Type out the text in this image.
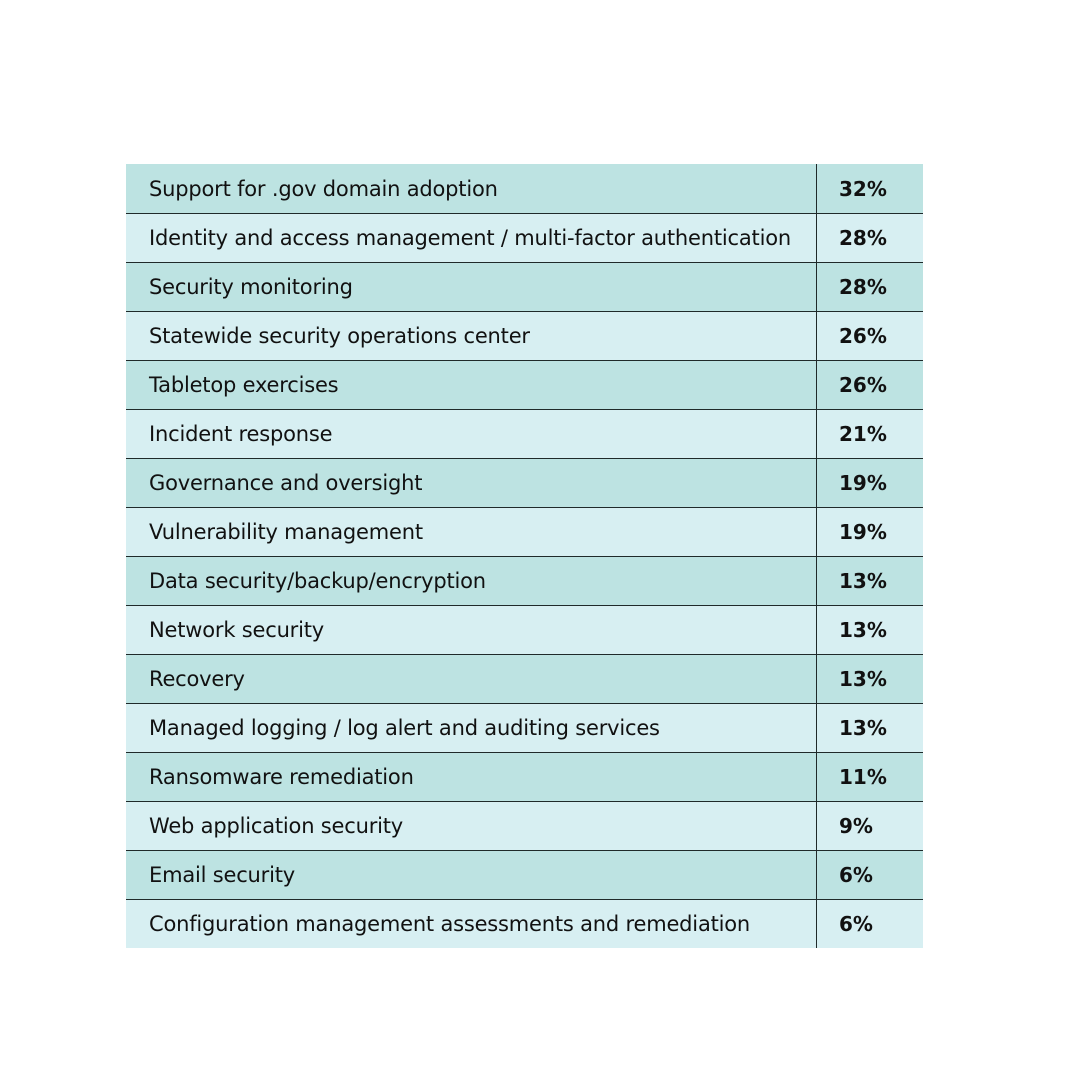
Support for .gov domain adoption	32%
Identity and access management / multi-factor authentication	28%
Security monitoring	28%
Statewide security operations center	26%
Tabletop exercises	26%
Incident response	21%
Governance and oversight	19%
Vulnerability management	19%
Data security/backup/encryption	13%
Network security	13%
Recovery	13%
Managed logging / log alert and auditing services	13%
Ransomware remediation	11%
Web application security	9%
Email security	6%
Configuration management assessments and remediation	6%
